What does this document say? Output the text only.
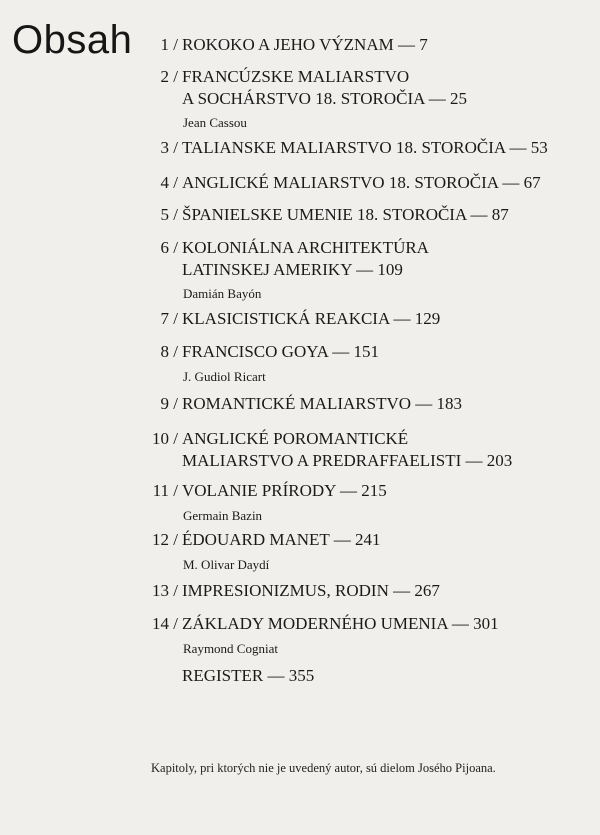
Obsah 1 / ROKOKO A JEHO VÝZNAM — 7
2 / FRANCÚZSKE MALIARSTVO
A SOCHÁRSTVO 18. STOROČIA — 25
Jean Cassou
3 / TALIANSKE MALIARSTVO 18. STOROČIA — 53
4 / ANGLICKÉ MALIARSTVO 18. STOROČIA — 67
5 / ŠPANIELSKE UMENIE 18. STOROČIA — 87
6 / KOLONIÁLNA ARCHITEKTÚRA
LATINSKEJ AMERIKY — 109
Damián Bayón
7 / KLASICISTICKÁ REAKCIA — 129
8 / FRANCISCO GOYA — 151
J. Gudiol Ricart
9 / ROMANTICKÉ MALIARSTVO — 183
10 / ANGLICKÉ POROMANTICKÉ
MALIARSTVO A PREDRAFFAELISTI — 203
11 / VOLANIE PRÍRODY — 215
Germain Bazin
12 / ÉDOUARD MANET — 241
M. Olivar Daydí
13 / IMPRESIONIZMUS, RODIN — 267
14 / ZÁKLADY MODERNÉHO UMENIA — 301
Raymond Cogniat
REGISTER — 355
Kapitoly, pri ktorých nie je uvedený autor, sú dielom Josého Pijoana.
